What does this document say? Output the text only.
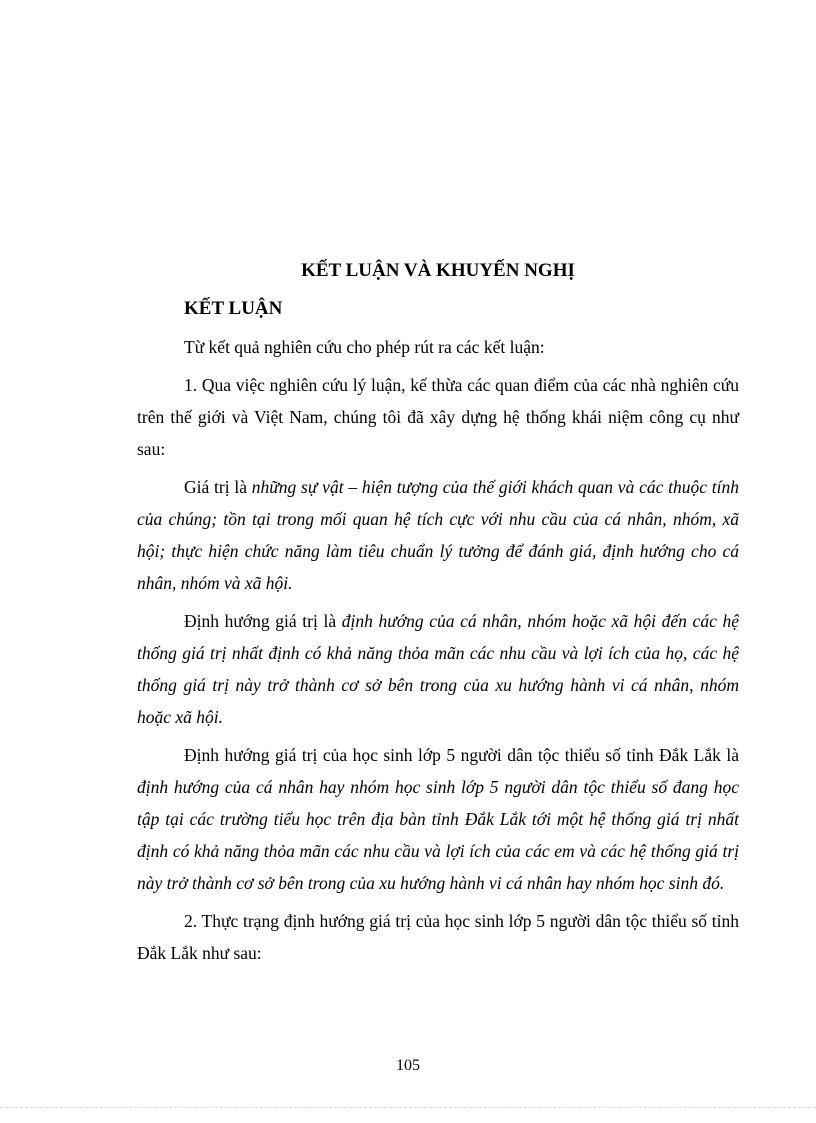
KẾT LUẬN VÀ KHUYẾN NGHỊ
KẾT LUẬN

Từ kết quả nghiên cứu cho phép rút ra các kết luận:

1. Qua việc nghiên cứu lý luận, kế thừa các quan điểm của các nhà nghiên cứu trên thế giới và Việt Nam, chúng tôi đã xây dựng hệ thống khái niệm công cụ như sau:

Giá trị là những sự vật – hiện tượng của thế giới khách quan và các thuộc tính của chúng; tồn tại trong mối quan hệ tích cực với nhu cầu của cá nhân, nhóm, xã hội; thực hiện chức năng làm tiêu chuẩn lý tưởng để đánh giá, định hướng cho cá nhân, nhóm và xã hội.

Định hướng giá trị là định hướng của cá nhân, nhóm hoặc xã hội đến các hệ thống giá trị nhất định có khả năng thỏa mãn các nhu cầu và lợi ích của họ, các hệ thống giá trị này trở thành cơ sở bên trong của xu hướng hành vi cá nhân, nhóm hoặc xã hội.

Định hướng giá trị của học sinh lớp 5 người dân tộc thiểu số tỉnh Đắk Lắk là định hướng của cá nhân hay nhóm học sinh lớp 5 người dân tộc thiểu số đang học tập tại các trường tiểu học trên địa bàn tỉnh Đắk Lắk tới một hệ thống giá trị nhất định có khả năng thỏa mãn các nhu cầu và lợi ích của các em và các hệ thống giá trị này trở thành cơ sở bên trong của xu hướng hành vi cá nhân hay nhóm học sinh đó.

2. Thực trạng định hướng giá trị của học sinh lớp 5 người dân tộc thiểu số tỉnh Đắk Lắk như sau:

105
